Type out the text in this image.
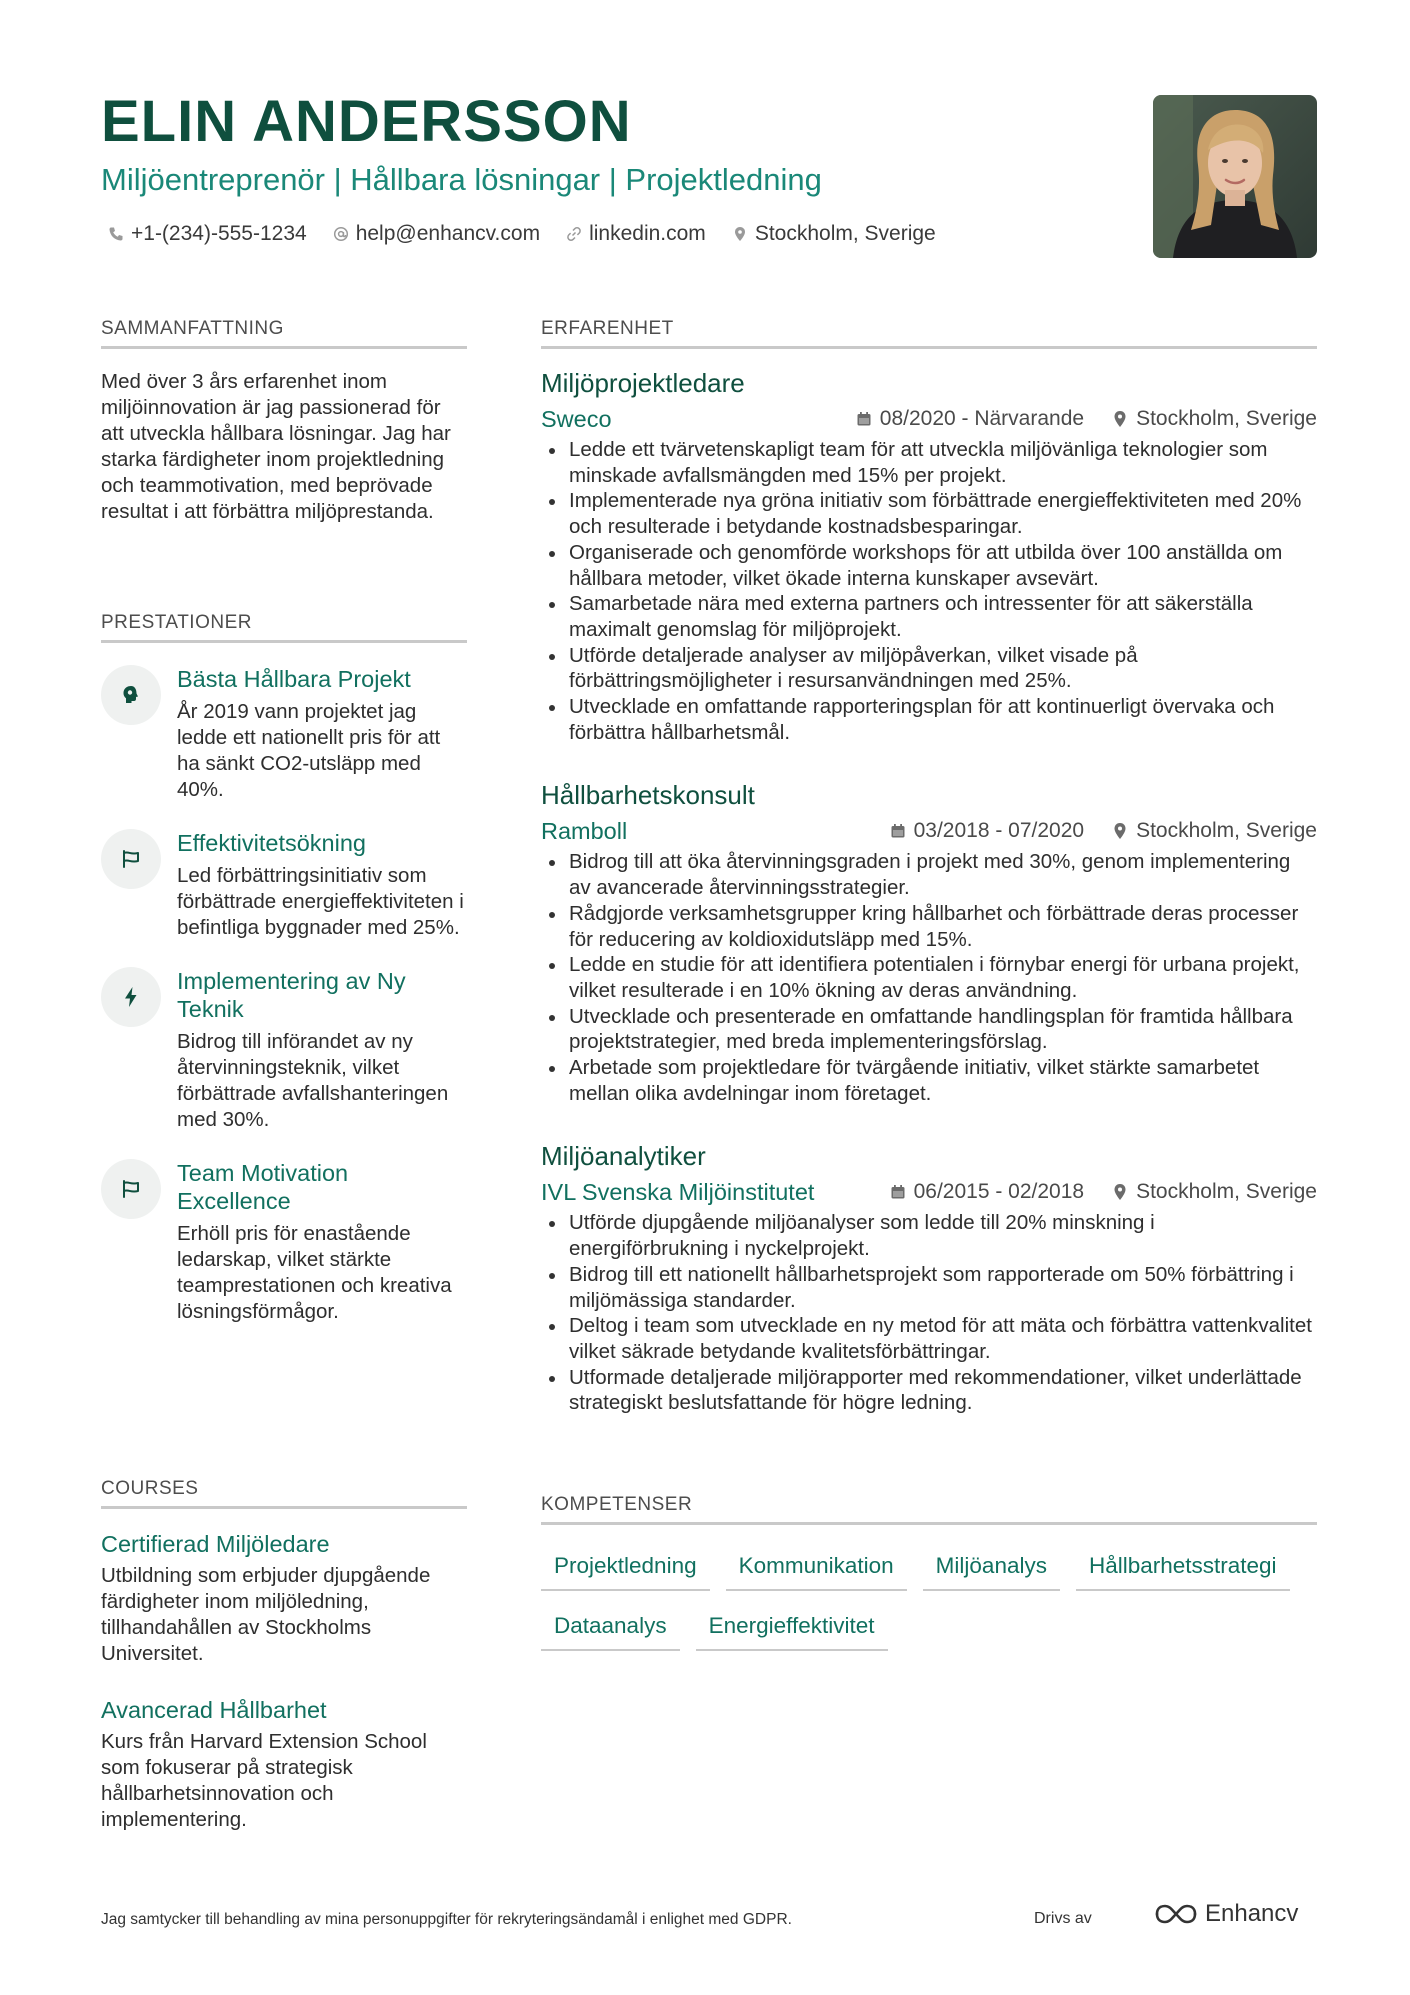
ELIN ANDERSSON
Miljöentreprenör | Hållbara lösningar | Projektledning
+1-(234)-555-1234 help@enhancv.com linkedin.com Stockholm, Sverige
SAMMANFATTNING
Med över 3 års erfarenhet inom miljöinnovation är jag passionerad för att utveckla hållbara lösningar. Jag har starka färdigheter inom projektledning och teammotivation, med beprövade resultat i att förbättra miljöprestanda.
PRESTATIONER
Bästa Hållbara Projekt
År 2019 vann projektet jag ledde ett nationellt pris för att ha sänkt CO2-utsläpp med 40%.
Effektivitetsökning
Led förbättringsinitiativ som förbättrade energieffektiviteten i befintliga byggnader med 25%.
Implementering av Ny Teknik
Bidrog till införandet av ny återvinningsteknik, vilket förbättrade avfallshanteringen med 30%.
Team Motivation Excellence
Erhöll pris för enastående ledarskap, vilket stärkte teamprestationen och kreativa lösningsförmågor.
COURSES
Certifierad Miljöledare
Utbildning som erbjuder djupgående färdigheter inom miljöledning, tillhandahållen av Stockholms Universitet.
Avancerad Hållbarhet
Kurs från Harvard Extension School som fokuserar på strategisk hållbarhetsinnovation och implementering.
ERFARENHET
Miljöprojektledare
Sweco	08/2020 - Närvarande Stockholm, Sverige
Ledde ett tvärvetenskapligt team för att utveckla miljövänliga teknologier som minskade avfallsmängden med 15% per projekt.
Implementerade nya gröna initiativ som förbättrade energieffektiviteten med 20% och resulterade i betydande kostnadsbesparingar.
Organiserade och genomförde workshops för att utbilda över 100 anställda om hållbara metoder, vilket ökade interna kunskaper avsevärt.
Samarbetade nära med externa partners och intressenter för att säkerställa maximalt genomslag för miljöprojekt.
Utförde detaljerade analyser av miljöpåverkan, vilket visade på förbättringsmöjligheter i resursanvändningen med 25%.
Utvecklade en omfattande rapporteringsplan för att kontinuerligt övervaka och förbättra hållbarhetsmål.
Hållbarhetskonsult
Ramboll	03/2018 - 07/2020 Stockholm, Sverige
Bidrog till att öka återvinningsgraden i projekt med 30%, genom implementering av avancerade återvinningsstrategier.
Rådgjorde verksamhetsgrupper kring hållbarhet och förbättrade deras processer för reducering av koldioxidutsläpp med 15%.
Ledde en studie för att identifiera potentialen i förnybar energi för urbana projekt, vilket resulterade i en 10% ökning av deras användning.
Utvecklade och presenterade en omfattande handlingsplan för framtida hållbara projektstrategier, med breda implementeringsförslag.
Arbetade som projektledare för tvärgående initiativ, vilket stärkte samarbetet mellan olika avdelningar inom företaget.
Miljöanalytiker
IVL Svenska Miljöinstitutet	06/2015 - 02/2018 Stockholm, Sverige
Utförde djupgående miljöanalyser som ledde till 20% minskning i energiförbrukning i nyckelprojekt.
Bidrog till ett nationellt hållbarhetsprojekt som rapporterade om 50% förbättring i miljömässiga standarder.
Deltog i team som utvecklade en ny metod för att mäta och förbättra vattenkvalitet vilket säkrade betydande kvalitetsförbättringar.
Utformade detaljerade miljörapporter med rekommendationer, vilket underlättade strategiskt beslutsfattande för högre ledning.
KOMPETENSER
Projektledning	Kommunikation	Miljöanalys	Hållbarhetsstrategi
Dataanalys	Energieffektivitet
Jag samtycker till behandling av mina personuppgifter för rekryteringsändamål i enlighet med GDPR.	Drivs av	Enhancv
